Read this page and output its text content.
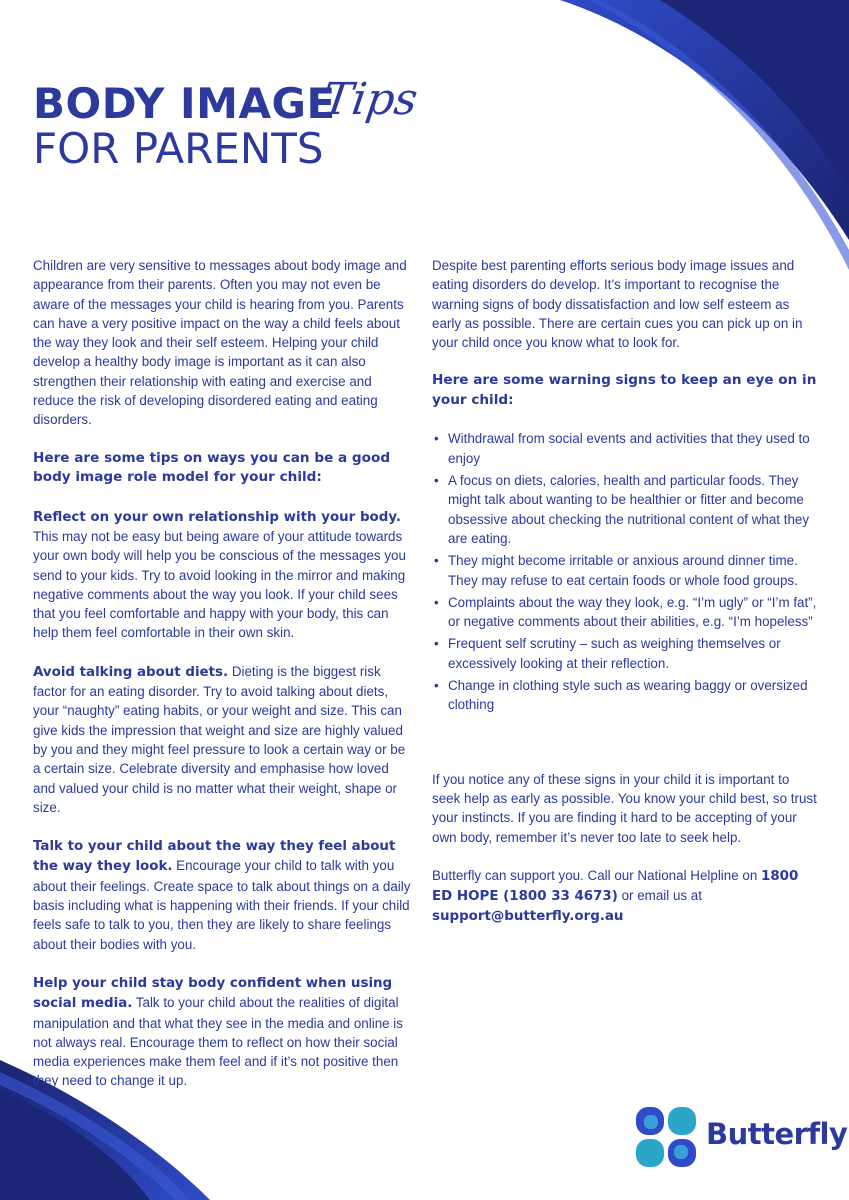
BODY IMAGE
Tips
FOR PARENTS

Children are very sensitive to messages about body image and appearance from their parents. Often you may not even be aware of the messages your child is hearing from you. Parents can have a very positive impact on the way a child feels about the way they look and their self esteem. Helping your child develop a healthy body image is important as it can also strengthen their relationship with eating and exercise and reduce the risk of developing disordered eating and eating disorders.

Here are some tips on ways you can be a good body image role model for your child:

Reflect on your own relationship with your body. This may not be easy but being aware of your attitude towards your own body will help you be conscious of the messages you send to your kids. Try to avoid looking in the mirror and making negative comments about the way you look. If your child sees that you feel comfortable and happy with your body, this can help them feel comfortable in their own skin.

Avoid talking about diets. Dieting is the biggest risk factor for an eating disorder. Try to avoid talking about diets, your “naughty” eating habits, or your weight and size. This can give kids the impression that weight and size are highly valued by you and they might feel pressure to look a certain way or be a certain size. Celebrate diversity and emphasise how loved and valued your child is no matter what their weight, shape or size.

Talk to your child about the way they feel about the way they look. Encourage your child to talk with you about their feelings. Create space to talk about things on a daily basis including what is happening with their friends. If your child feels safe to talk to you, then they are likely to share feelings about their bodies with you.

Help your child stay body confident when using social media. Talk to your child about the realities of digital manipulation and that what they see in the media and online is not always real. Encourage them to reflect on how their social media experiences make them feel and if it’s not positive then they need to change it up.

Despite best parenting efforts serious body image issues and eating disorders do develop. It’s important to recognise the warning signs of body dissatisfaction and low self esteem as early as possible. There are certain cues you can pick up on in your child once you know what to look for.

Here are some warning signs to keep an eye on in your child:
• Withdrawal from social events and activities that they used to enjoy
• A focus on diets, calories, health and particular foods. They might talk about wanting to be healthier or fitter and become obsessive about checking the nutritional content of what they are eating.
• They might become irritable or anxious around dinner time. They may refuse to eat certain foods or whole food groups.
• Complaints about the way they look, e.g. “I’m ugly” or “I’m fat”, or negative comments about their abilities, e.g. “I’m hopeless”
• Frequent self scrutiny – such as weighing themselves or excessively looking at their reflection.
• Change in clothing style such as wearing baggy or oversized clothing

If you notice any of these signs in your child it is important to seek help as early as possible. You know your child best, so trust your instincts. If you are finding it hard to be accepting of your own body, remember it’s never too late to seek help.

Butterfly can support you. Call our National Helpline on 1800 ED HOPE (1800 33 4673) or email us at support@butterfly.org.au

Butterfly
